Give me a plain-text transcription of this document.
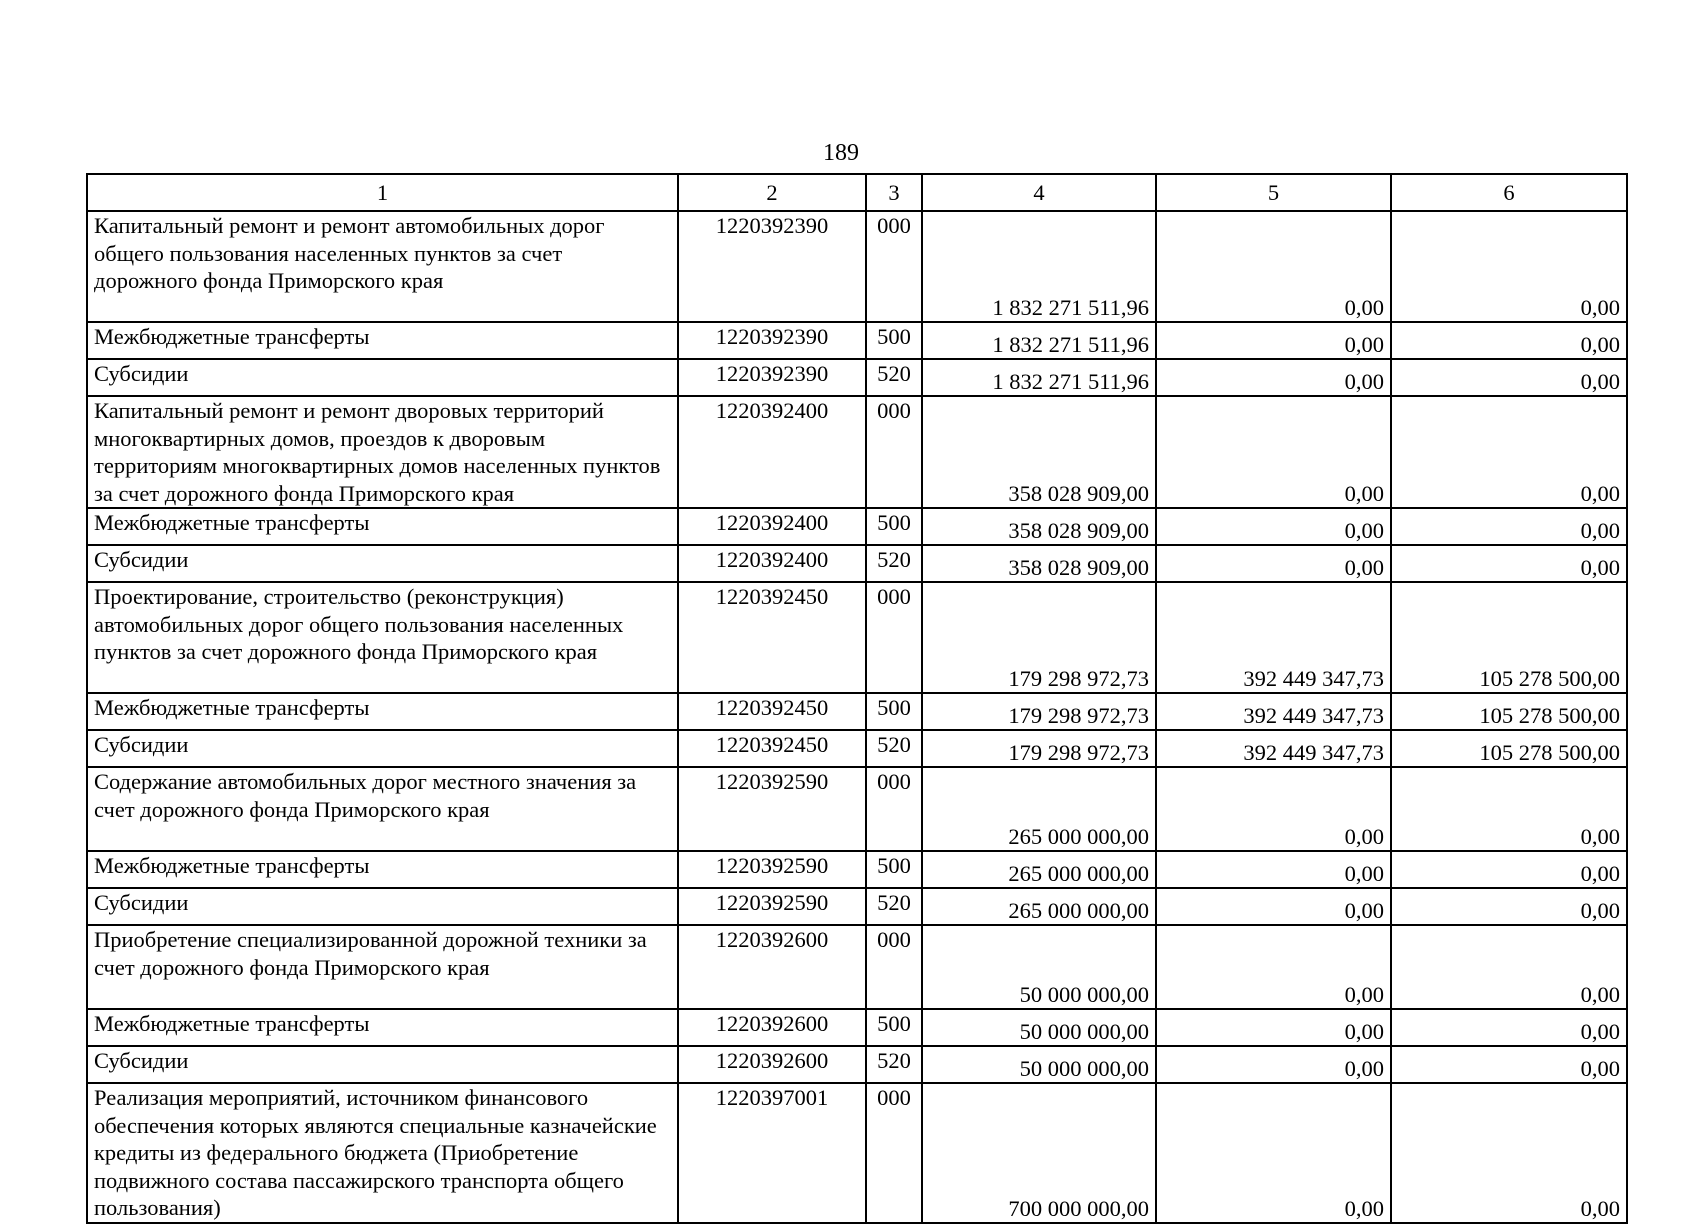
189
1	2	3	4	5	6
Капитальный ремонт и ремонт автомобильных дорог общего пользования населенных пунктов за счет дорожного фонда Приморского края	1220392390	000	1 832 271 511,96	0,00	0,00
Межбюджетные трансферты	1220392390	500	1 832 271 511,96	0,00	0,00
Субсидии	1220392390	520	1 832 271 511,96	0,00	0,00
Капитальный ремонт и ремонт дворовых территорий многоквартирных домов, проездов к дворовым территориям многоквартирных домов населенных пунктов за счет дорожного фонда Приморского края	1220392400	000	358 028 909,00	0,00	0,00
Межбюджетные трансферты	1220392400	500	358 028 909,00	0,00	0,00
Субсидии	1220392400	520	358 028 909,00	0,00	0,00
Проектирование, строительство (реконструкция) автомобильных дорог общего пользования населенных пунктов за счет дорожного фонда Приморского края	1220392450	000	179 298 972,73	392 449 347,73	105 278 500,00
Межбюджетные трансферты	1220392450	500	179 298 972,73	392 449 347,73	105 278 500,00
Субсидии	1220392450	520	179 298 972,73	392 449 347,73	105 278 500,00
Содержание автомобильных дорог местного значения за счет дорожного фонда Приморского края	1220392590	000	265 000 000,00	0,00	0,00
Межбюджетные трансферты	1220392590	500	265 000 000,00	0,00	0,00
Субсидии	1220392590	520	265 000 000,00	0,00	0,00
Приобретение специализированной дорожной техники за счет дорожного фонда Приморского края	1220392600	000	50 000 000,00	0,00	0,00
Межбюджетные трансферты	1220392600	500	50 000 000,00	0,00	0,00
Субсидии	1220392600	520	50 000 000,00	0,00	0,00
Реализация мероприятий, источником финансового обеспечения которых являются специальные казначейские кредиты из федерального бюджета (Приобретение подвижного состава пассажирского транспорта общего пользования)	1220397001	000	700 000 000,00	0,00	0,00
